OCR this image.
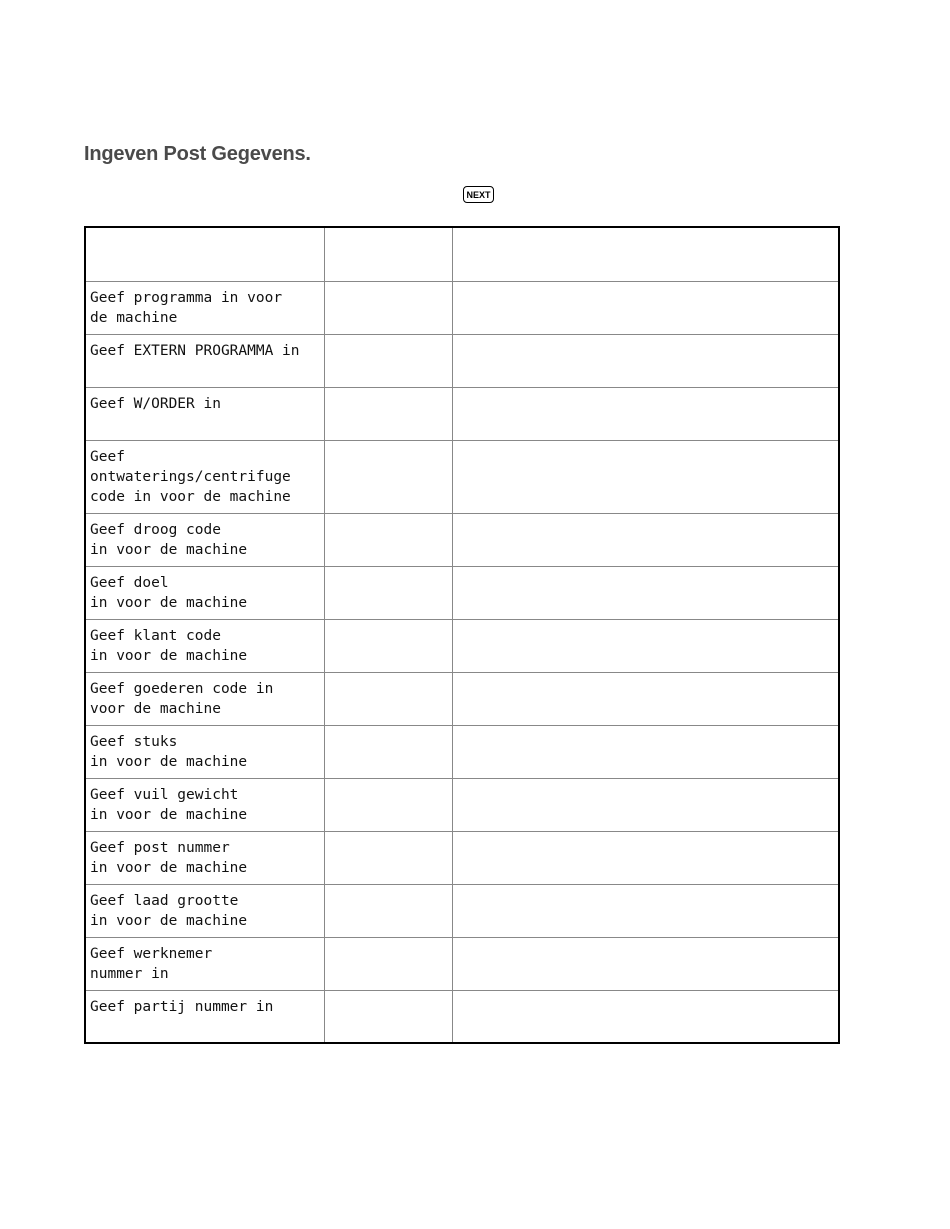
Ingeven Post Gegevens.
NEXT

Geef programma in voor
de machine		
Geef EXTERN PROGRAMMA in		
Geef W/ORDER in		
Geef
ontwaterings/centrifuge
code in voor de machine		
Geef droog code
in voor de machine		
Geef doel
in voor de machine		
Geef klant code
in voor de machine		
Geef goederen code in
voor de machine		
Geef stuks
in voor de machine		
Geef vuil gewicht
in voor de machine		
Geef post nummer
in voor de machine		
Geef laad grootte
in voor de machine		
Geef werknemer
nummer in		
Geef partij nummer in		
